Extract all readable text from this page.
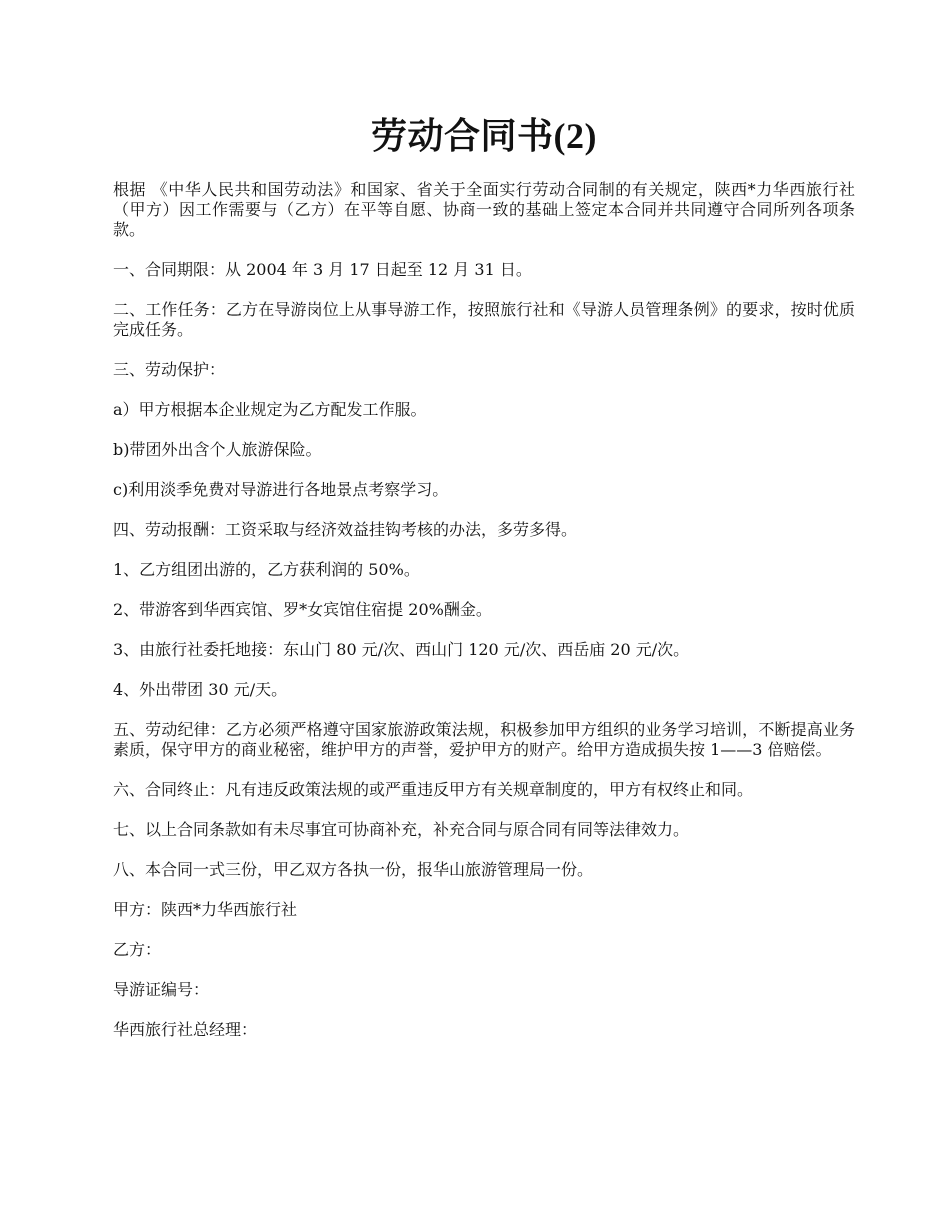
劳动合同书(2)

根据 《中华人民共和国劳动法》和国家、省关于全面实行劳动合同制的有关规定，陕西*力华西旅行社（甲方）因工作需要与（乙方）在平等自愿、协商一致的基础上签定本合同并共同遵守合同所列各项条款。

一、合同期限：从 2004 年 3 月 17 日起至 12 月 31 日。

二、工作任务：乙方在导游岗位上从事导游工作，按照旅行社和《导游人员管理条例》的要求，按时优质完成任务。

三、劳动保护：

a）甲方根据本企业规定为乙方配发工作服。

b)带团外出含个人旅游保险。

c)利用淡季免费对导游进行各地景点考察学习。

四、劳动报酬：工资采取与经济效益挂钩考核的办法，多劳多得。

1、乙方组团出游的，乙方获利润的 50%。

2、带游客到华西宾馆、罗*女宾馆住宿提 20%酬金。

3、由旅行社委托地接：东山门 80 元/次、西山门 120 元/次、西岳庙 20 元/次。

4、外出带团 30 元/天。

五、劳动纪律：乙方必须严格遵守国家旅游政策法规，积极参加甲方组织的业务学习培训，不断提高业务素质，保守甲方的商业秘密，维护甲方的声誉，爱护甲方的财产。给甲方造成损失按 1——3 倍赔偿。

六、合同终止：凡有违反政策法规的或严重违反甲方有关规章制度的，甲方有权终止和同。

七、以上合同条款如有未尽事宜可协商补充，补充合同与原合同有同等法律效力。

八、本合同一式三份，甲乙双方各执一份，报华山旅游管理局一份。

甲方：陕西*力华西旅行社

乙方：

导游证编号：

华西旅行社总经理：
